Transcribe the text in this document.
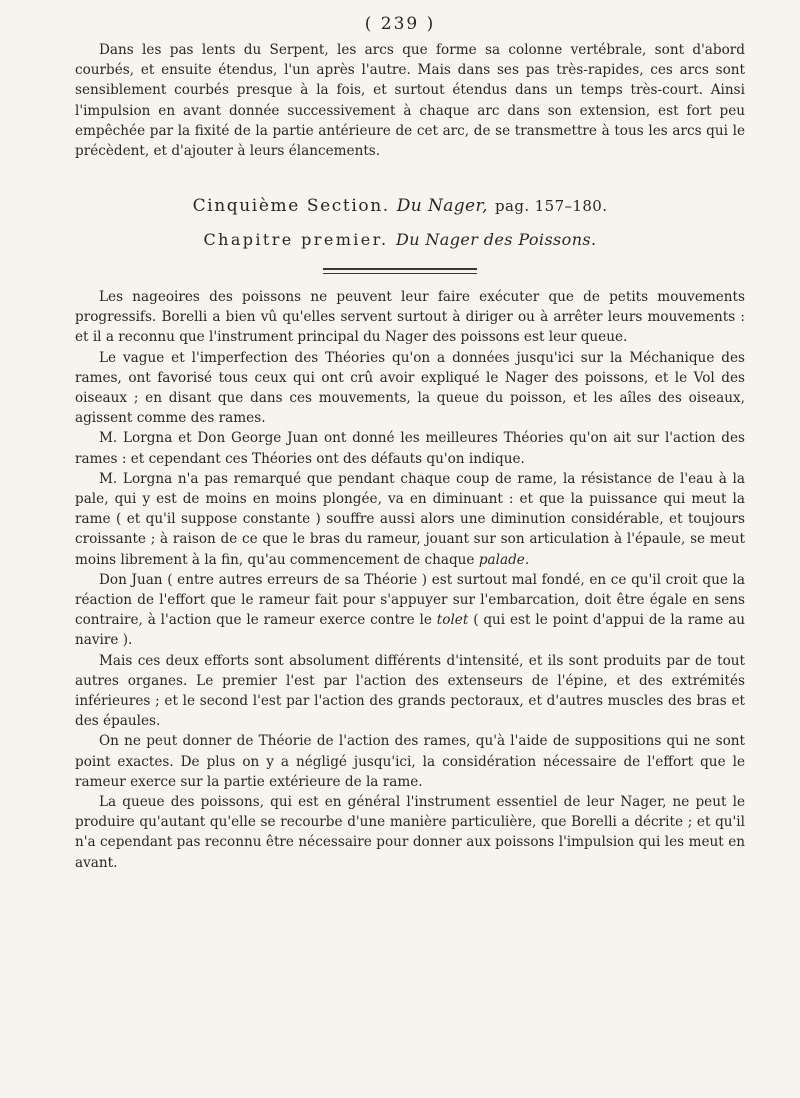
( 239 )

Dans les pas lents du Serpent, les arcs que forme sa colonne vertébrale, sont d'abord courbés, et ensuite étendus, l'un après l'autre. Mais dans ses pas très-rapides, ces arcs sont sensiblement courbés presque à la fois, et surtout étendus dans un temps très-court. Ainsi l'impulsion en avant donnée successivement à chaque arc dans son extension, est fort peu empêchée par la fixité de la partie antérieure de cet arc, de se transmettre à tous les arcs qui le précèdent, et d'ajouter à leurs élancements.

Cinquième Section. Du Nager, pag. 157–180.
Chapitre premier. Du Nager des Poissons.

Les nageoires des poissons ne peuvent leur faire exécuter que de petits mouvements progressifs. Borelli a bien vû qu'elles servent surtout à diriger ou à arrêter leurs mouvements : et il a reconnu que l'instrument principal du Nager des poissons est leur queue.

Le vague et l'imperfection des Théories qu'on a données jusqu'ici sur la Méchanique des rames, ont favorisé tous ceux qui ont crû avoir expliqué le Nager des poissons, et le Vol des oiseaux ; en disant que dans ces mouvements, la queue du poisson, et les aîles des oiseaux, agissent comme des rames.

M. Lorgna et Don George Juan ont donné les meilleures Théories qu'on ait sur l'action des rames : et cependant ces Théories ont des défauts qu'on indique.

M. Lorgna n'a pas remarqué que pendant chaque coup de rame, la résistance de l'eau à la pale, qui y est de moins en moins plongée, va en diminuant : et que la puissance qui meut la rame ( et qu'il suppose constante ) souffre aussi alors une diminution considérable, et toujours croissante ; à raison de ce que le bras du rameur, jouant sur son articulation à l'épaule, se meut moins librement à la fin, qu'au commencement de chaque palade.

Don Juan ( entre autres erreurs de sa Théorie ) est surtout mal fondé, en ce qu'il croit que la réaction de l'effort que le rameur fait pour s'appuyer sur l'embarcation, doit être égale en sens contraire, à l'action que le rameur exerce contre le tolet ( qui est le point d'appui de la rame au navire ).

Mais ces deux efforts sont absolument différents d'intensité, et ils sont produits par de tout autres organes. Le premier l'est par l'action des extenseurs de l'épine, et des extrémités inférieures ; et le second l'est par l'action des grands pectoraux, et d'autres muscles des bras et des épaules.

On ne peut donner de Théorie de l'action des rames, qu'à l'aide de suppositions qui ne sont point exactes. De plus on y a négligé jusqu'ici, la considération nécessaire de l'effort que le rameur exerce sur la partie extérieure de la rame.

La queue des poissons, qui est en général l'instrument essentiel de leur Nager, ne peut le produire qu'autant qu'elle se recourbe d'une manière particulière, que Borelli a décrite ; et qu'il n'a cependant pas reconnu être nécessaire pour donner aux poissons l'impulsion qui les meut en avant.
